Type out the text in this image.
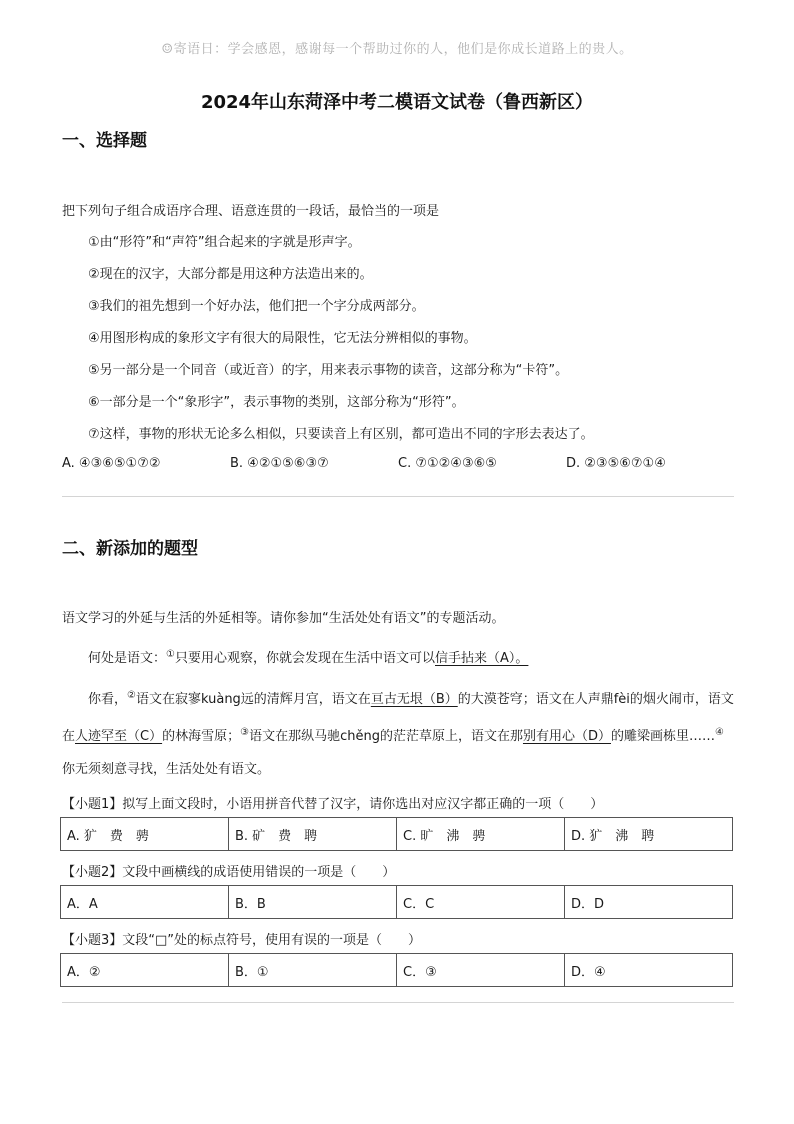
☺寄语日：学会感恩，感谢每一个帮助过你的人，他们是你成长道路上的贵人。
2024年山东菏泽中考二模语文试卷（鲁西新区）
一、选择题
把下列句子组合成语序合理、语意连贯的一段话，最恰当的一项是
①由“形符”和“声符”组合起来的字就是形声字。
②现在的汉字，大部分都是用这种方法造出来的。
③我们的祖先想到一个好办法，他们把一个字分成两部分。
④用图形构成的象形文字有很大的局限性，它无法分辨相似的事物。
⑤另一部分是一个同音（或近音）的字，用来表示事物的读音，这部分称为“卡符”。
⑥一部分是一个“象形字”，表示事物的类别，这部分称为“形符”。
⑦这样，事物的形状无论多么相似，只要读音上有区别，都可造出不同的字形去表达了。
A. ④③⑥⑤①⑦②	B. ④②①⑤⑥③⑦	C. ⑦①②④③⑥⑤	D. ②③⑤⑥⑦①④
二、新添加的题型
语文学习的外延与生活的外延相等。请你参加“生活处处有语文”的专题活动。
何处是语文：①只要用心观察，你就会发现在生活中语文可以信手拈来（A）。
你看，②语文在寂寥kuàng远的清辉月宫，语文在亘古无垠（B）的大漠苍穹；语文在人声鼎fèi的烟火闹市，语文在人迹罕至（C）的林海雪原；③语文在那纵马驰chěng的茫茫草原上，语文在那别有用心（D）的雕梁画栋里……④你无须刻意寻找，生活处处有语文。
【小题1】拟写上面文段时，小语用拼音代替了汉字，请你选出对应汉字都正确的一项（　　）
A. 犷　费　骋	B. 矿　费　聘	C. 旷　沸　骋	D. 犷　沸　聘
【小题2】文段中画横线的成语使用错误的一项是（　　）
A．A	B．B	C．C	D．D
【小题3】文段“□”处的标点符号，使用有误的一项是（　　）
A．②	B．①	C．③	D．④
